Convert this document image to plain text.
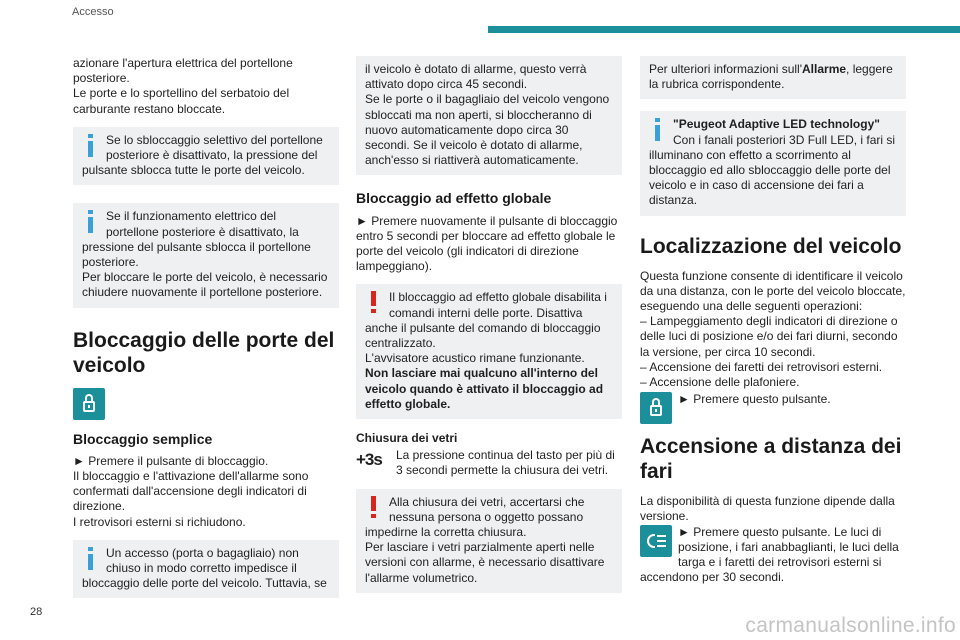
Accesso

azionare l'apertura elettrica del portellone

posteriore.

Le porte e lo sportellino del serbatoio del

carburante restano bloccate.

Se lo sbloccaggio selettivo del portellone posteriore è disattivato, la pressione del pulsante sblocca tutte le porte del veicolo.

Se il funzionamento elettrico del portellone posteriore è disattivato, la pressione del pulsante sblocca il portellone posteriore.

Per bloccare le porte del veicolo, è necessario chiudere nuovamente il portellone posteriore.

Bloccaggio delle porte del veicolo
Bloccaggio semplice

► Premere il pulsante di bloccaggio.

Il bloccaggio e l'attivazione dell'allarme sono confermati dall'accensione degli indicatori di direzione.

I retrovisori esterni si richiudono.

Un accesso (porta o bagagliaio) non chiuso in modo corretto impedisce il bloccaggio delle porte del veicolo. Tuttavia, se

il veicolo è dotato di allarme, questo verrà attivato dopo circa 45 secondi.

Se le porte o il bagagliaio del veicolo vengono sbloccati ma non aperti, si bloccheranno di nuovo automaticamente dopo circa 30 secondi. Se il veicolo è dotato di allarme, anch'esso si riattiverà automaticamente.

Bloccaggio ad effetto globale

► Premere nuovamente il pulsante di bloccaggio entro 5 secondi per bloccare ad effetto globale le porte del veicolo (gli indicatori di direzione lampeggiano).

Il bloccaggio ad effetto globale disabilita i comandi interni delle porte. Disattiva anche il pulsante del comando di bloccaggio centralizzato.

L'avvisatore acustico rimane funzionante.

Non lasciare mai qualcuno all'interno del veicolo quando è attivato il bloccaggio ad effetto globale.

Chiusura dei vetri
+3s	La pressione continua del tasto per più di 3 secondi permette la chiusura dei vetri.

Alla chiusura dei vetri, accertarsi che nessuna persona o oggetto possano impedirne la corretta chiusura.

Per lasciare i vetri parzialmente aperti nelle versioni con allarme, è necessario disattivare l'allarme volumetrico.

Per ulteriori informazioni sull'Allarme, leggere la rubrica corrispondente.

"Peugeot Adaptive LED technology"

Con i fanali posteriori 3D Full LED, i fari si illuminano con effetto a scorrimento al bloccaggio ed allo sbloccaggio delle porte del veicolo e in caso di accensione dei fari a distanza.

Localizzazione del veicolo

Questa funzione consente di identificare il veicolo da una distanza, con le porte del veicolo bloccate, eseguendo una delle seguenti operazioni:

– Lampeggiamento degli indicatori di direzione o delle luci di posizione e/o dei fari diurni, secondo la versione, per circa 10 secondi.

– Accensione dei faretti dei retrovisori esterni.

– Accensione delle plafoniere.

► Premere questo pulsante.

Accensione a distanza dei fari

La disponibilità di questa funzione dipende dalla versione.

► Premere questo pulsante. Le luci di posizione, i fari anabbaglianti, le luci della targa e i faretti dei retrovisori esterni si accendono per 30 secondi.

28
carmanualsonline.info
